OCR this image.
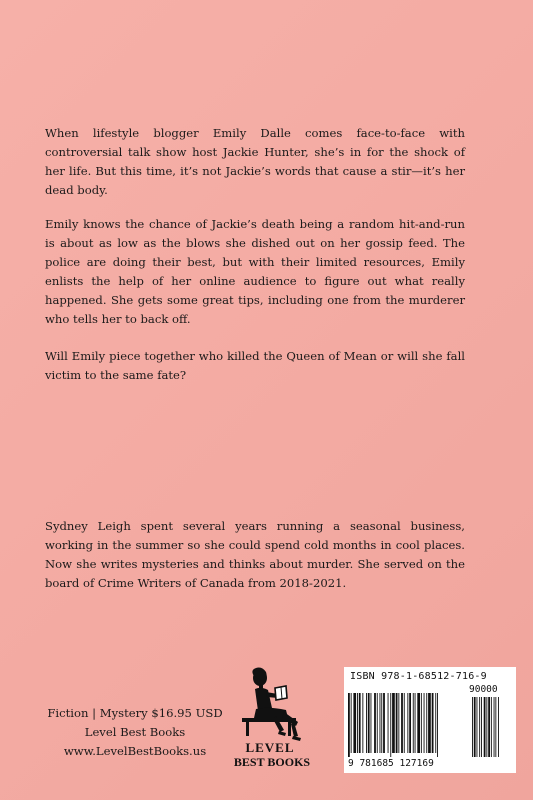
When lifestyle blogger Emily Dalle comes face-to-face with controversial talk show host Jackie Hunter, she’s in for the shock of her life. But this time, it’s not Jackie’s words that cause a stir—it’s her dead body.

Emily knows the chance of Jackie’s death being a random hit-and-run is about as low as the blows she dished out on her gossip feed. The police are doing their best, but with their limited resources, Emily enlists the help of her online audience to figure out what really happened. She gets some great tips, including one from the murderer who tells her to back off.

Will Emily piece together who killed the Queen of Mean or will she fall victim to the same fate?

Sydney Leigh spent several years running a seasonal business, working in the summer so she could spend cold months in cool places. Now she writes mysteries and thinks about murder. She served on the board of Crime Writers of Canada from 2018-2021.

Fiction | Mystery $16.95 USD
Level Best Books
www.LevelBestBooks.us	LEVEL
BEST BOOKS
ISBN 978-1-68512-716-9
90000
9 781685 127169
